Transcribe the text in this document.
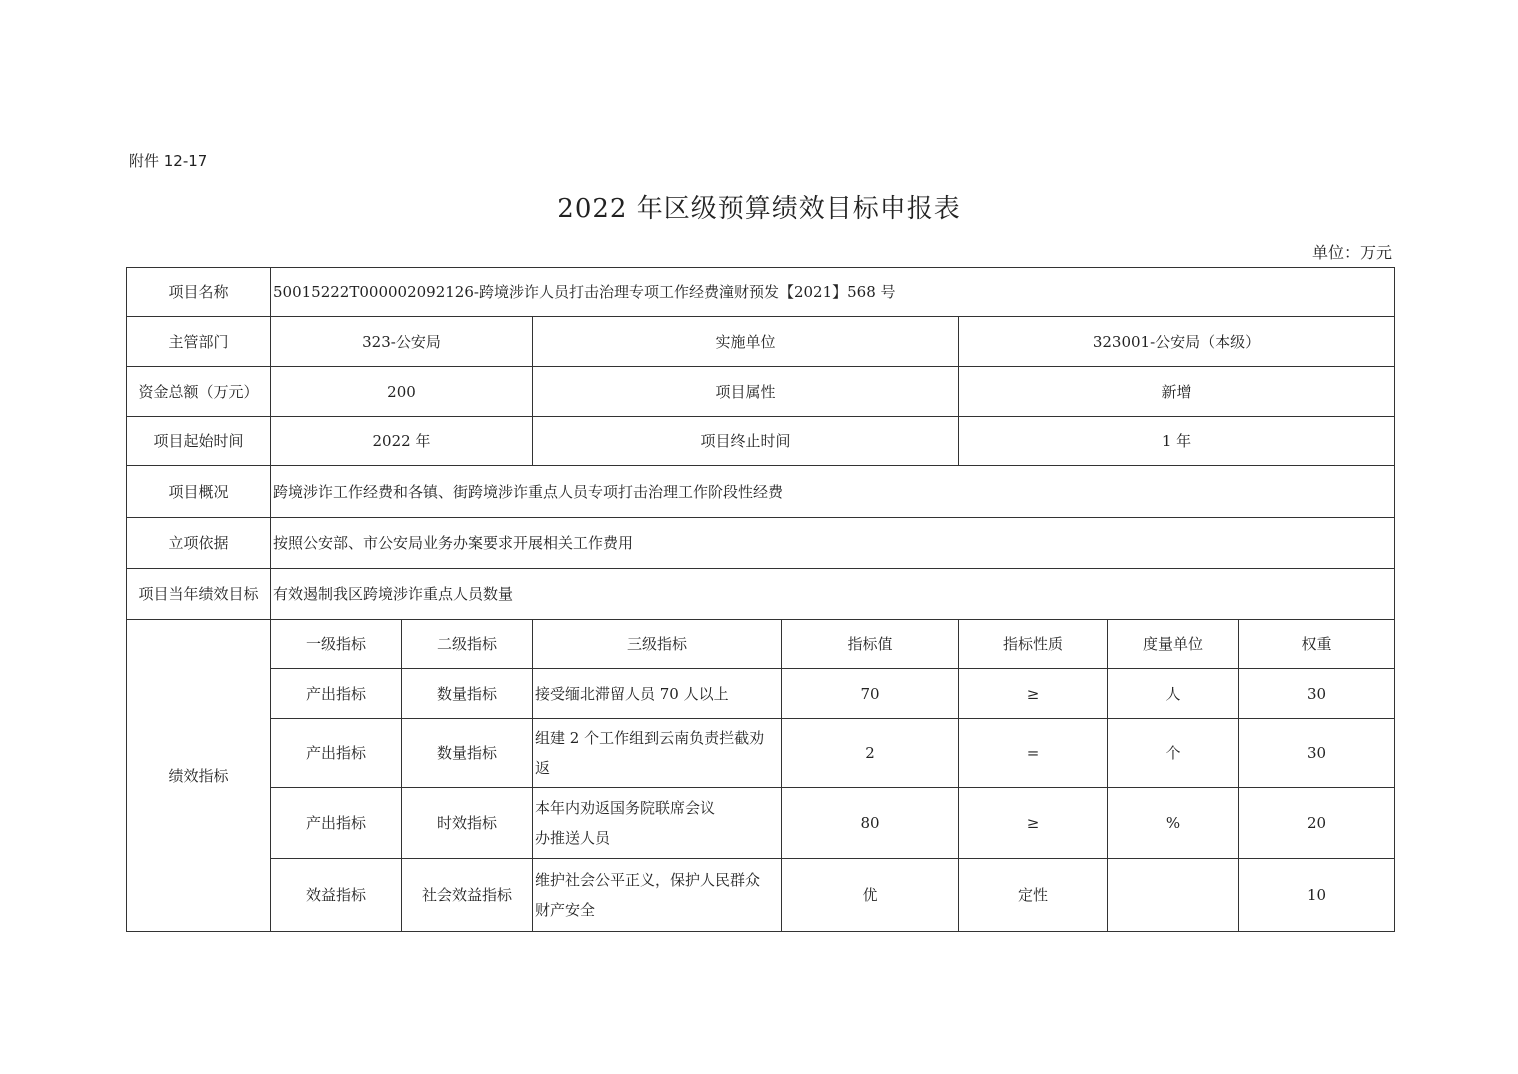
附件 12-17
2022 年区级预算绩效目标申报表
单位：万元
项目名称	50015222T000002092126-跨境涉诈人员打击治理专项工作经费潼财预发【2021】568 号						
主管部门	323-公安局		实施单位		323001-公安局（本级）		
资金总额（万元）	200		项目属性		新增		
项目起始时间	2022 年		项目终止时间		1 年		
项目概况	跨境涉诈工作经费和各镇、街跨境涉诈重点人员专项打击治理工作阶段性经费						
立项依据	按照公安部、市公安局业务办案要求开展相关工作费用						
项目当年绩效目标	有效遏制我区跨境涉诈重点人员数量						
绩效指标	一级指标	二级指标	三级指标	指标值	指标性质	度量单位	权重
	产出指标	数量指标	接受缅北滞留人员 70 人以上	70	≥	人	30
	产出指标	数量指标	组建 2 个工作组到云南负责拦截劝
返	2	=	个	30
	产出指标	时效指标	本年内劝返国务院联席会议
办推送人员	80	≥	%	20
	效益指标	社会效益指标	维护社会公平正义，保护人民群众
财产安全	优	定性		10
